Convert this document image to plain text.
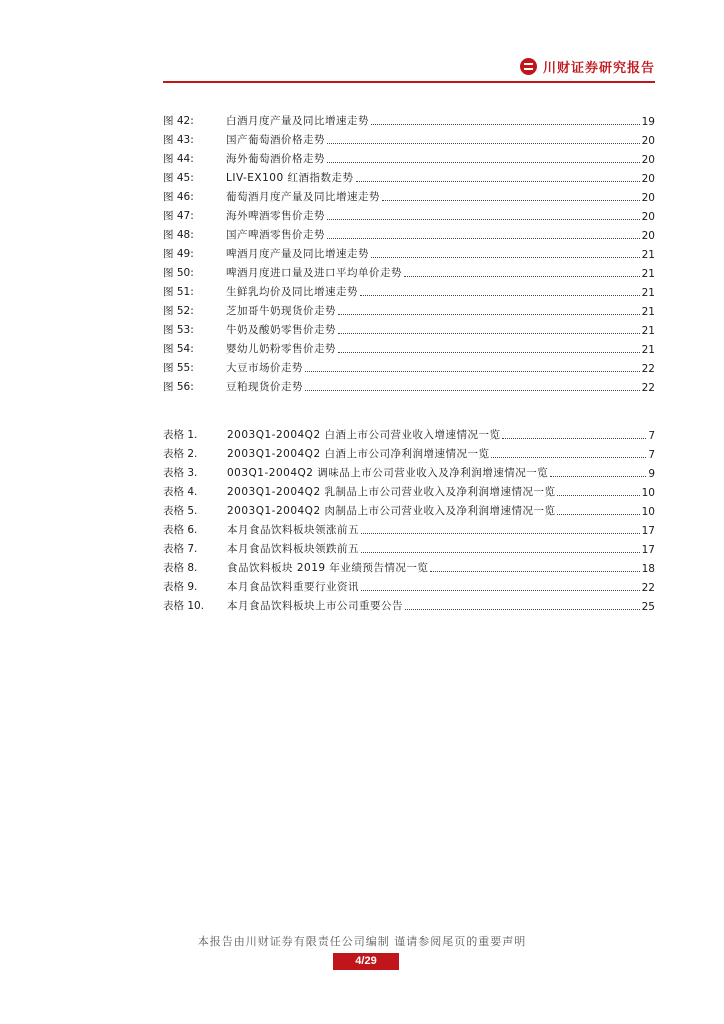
川财证券研究报告
图 42:	白酒月度产量及同比增速走势	19
图 43:	国产葡萄酒价格走势	20
图 44:	海外葡萄酒价格走势	20
图 45:	LIV-EX100 红酒指数走势	20
图 46:	葡萄酒月度产量及同比增速走势	20
图 47:	海外啤酒零售价走势	20
图 48:	国产啤酒零售价走势	20
图 49:	啤酒月度产量及同比增速走势	21
图 50:	啤酒月度进口量及进口平均单价走势	21
图 51:	生鲜乳均价及同比增速走势	21
图 52:	芝加哥牛奶现货价走势	21
图 53:	牛奶及酸奶零售价走势	21
图 54:	婴幼儿奶粉零售价走势	21
图 55:	大豆市场价走势	22
图 56:	豆粕现货价走势	22
表格 1.	2003Q1-2004Q2 白酒上市公司营业收入增速情况一览	7
表格 2.	2003Q1-2004Q2 白酒上市公司净利润增速情况一览	7
表格 3.	003Q1-2004Q2 调味品上市公司营业收入及净利润增速情况一览	9
表格 4.	2003Q1-2004Q2 乳制品上市公司营业收入及净利润增速情况一览	10
表格 5.	2003Q1-2004Q2 肉制品上市公司营业收入及净利润增速情况一览	10
表格 6.	本月食品饮料板块领涨前五	17
表格 7.	本月食品饮料板块领跌前五	17
表格 8.	食品饮料板块 2019 年业绩预告情况一览	18
表格 9.	本月食品饮料重要行业资讯	22
表格 10.	本月食品饮料板块上市公司重要公告	25
本报告由川财证券有限责任公司编制 谨请参阅尾页的重要声明
4/29
